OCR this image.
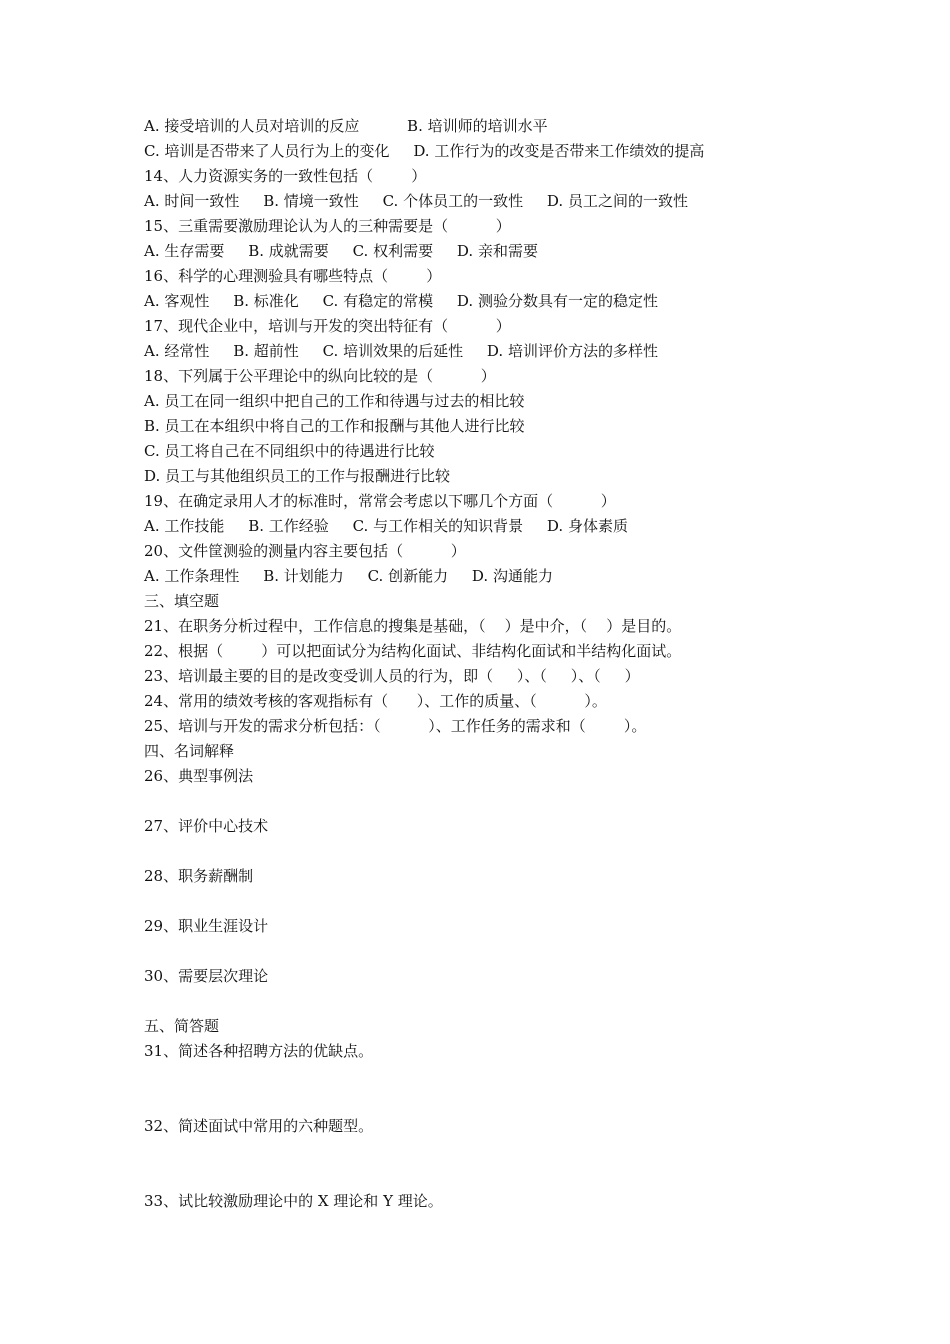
A. 接受培训的人员对培训的反应          B. 培训师的培训水平
C. 培训是否带来了人员行为上的变化     D. 工作行为的改变是否带来工作绩效的提高
14、人力资源实务的一致性包括（        ）
A. 时间一致性     B. 情境一致性     C. 个体员工的一致性     D. 员工之间的一致性
15、三重需要激励理论认为人的三种需要是（          ）
A. 生存需要     B. 成就需要     C. 权利需要     D. 亲和需要
16、科学的心理测验具有哪些特点（        ）
A. 客观性     B. 标准化     C. 有稳定的常模     D. 测验分数具有一定的稳定性
17、现代企业中，培训与开发的突出特征有（          ）
A. 经常性     B. 超前性     C. 培训效果的后延性     D. 培训评价方法的多样性
18、下列属于公平理论中的纵向比较的是（          ）
A. 员工在同一组织中把自己的工作和待遇与过去的相比较
B. 员工在本组织中将自己的工作和报酬与其他人进行比较
C. 员工将自己在不同组织中的待遇进行比较
D. 员工与其他组织员工的工作与报酬进行比较
19、在确定录用人才的标准时，常常会考虑以下哪几个方面（          ）
A. 工作技能     B. 工作经验     C. 与工作相关的知识背景     D. 身体素质
20、文件筐测验的测量内容主要包括（          ）
A. 工作条理性     B. 计划能力     C. 创新能力     D. 沟通能力
三、填空题
21、在职务分析过程中，工作信息的搜集是基础，（    ）是中介，（    ）是目的。
22、根据（        ）可以把面试分为结构化面试、非结构化面试和半结构化面试。
23、培训最主要的目的是改变受训人员的行为，即（     ）、（     ）、（     ）
24、常用的绩效考核的客观指标有（      ）、工作的质量、（          ）。
25、培训与开发的需求分析包括：（          ）、工作任务的需求和（        ）。
四、名词解释
26、典型事例法
27、评价中心技术
28、职务薪酬制
29、职业生涯设计
30、需要层次理论
五、简答题
31、简述各种招聘方法的优缺点。
32、简述面试中常用的六种题型。
33、试比较激励理论中的 X 理论和 Y 理论。
